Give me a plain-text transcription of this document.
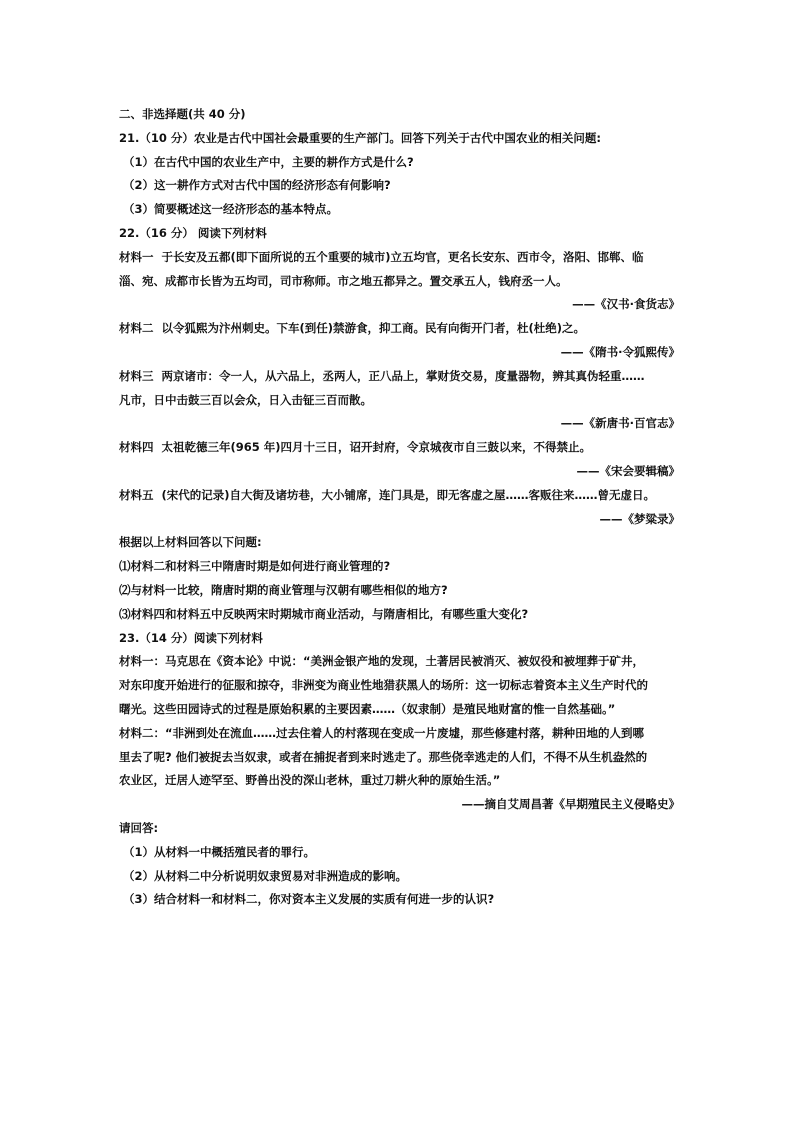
二、非选择题(共 40 分)
21.（10 分）农业是古代中国社会最重要的生产部门。回答下列关于古代中国农业的相关问题:
（1）在古代中国的农业生产中，主要的耕作方式是什么?
（2）这一耕作方式对古代中国的经济形态有何影响?
（3）简要概述这一经济形态的基本特点。
22.（16 分） 阅读下列材料
材料一 于长安及五都(即下面所说的五个重要的城市)立五均官，更名长安东、西市令，洛阳、邯郸、临
淄、宛、成都市长皆为五均司，司市称师。市之地五都异之。置交承五人，钱府丞一人。
——《汉书·食货志》
材料二 以令狐熙为汴州刺史。下车(到任)禁游食，抑工商。民有向街开门者，杜(杜绝)之。
——《隋书·令狐熙传》
材料三 两京诸市：令一人，从六品上，丞两人，正八品上，掌财货交易，度量器物，辨其真伪轻重……
凡市，日中击鼓三百以会众，日入击钲三百而散。
——《新唐书·百官志》
材料四 太祖乾德三年(965 年)四月十三日，诏开封府，令京城夜市自三鼓以来，不得禁止。
——《宋会要辑稿》
材料五 (宋代的记录)自大街及诸坊巷，大小铺席，连门具是，即无客虚之屋……客贩往来……曾无虚日。
——《梦粱录》
根据以上材料回答以下问题:
⑴材料二和材料三中隋唐时期是如何进行商业管理的?
⑵与材料一比较，隋唐时期的商业管理与汉朝有哪些相似的地方?
⑶材料四和材料五中反映两宋时期城市商业活动，与隋唐相比，有哪些重大变化?
23.（14 分）阅读下列材料
材料一：马克思在《资本论》中说：“美洲金银产地的发现，土著居民被消灭、被奴役和被埋葬于矿井，
对东印度开始进行的征服和掠夺，非洲变为商业性地猎获黑人的场所：这一切标志着资本主义生产时代的
曙光。这些田园诗式的过程是原始积累的主要因素……（奴隶制）是殖民地财富的惟一自然基础。”
材料二：“非洲到处在流血……过去住着人的村落现在变成一片废墟，那些修建村落，耕种田地的人到哪
里去了呢? 他们被捉去当奴隶，或者在捕捉者到来时逃走了。那些侥幸逃走的人们，不得不从生机盎然的
农业区，迁居人迹罕至、野兽出没的深山老林，重过刀耕火种的原始生活。”
——摘自艾周昌著《早期殖民主义侵略史》
请回答:
（1）从材料一中概括殖民者的罪行。
（2）从材料二中分析说明奴隶贸易对非洲造成的影响。
（3）结合材料一和材料二，你对资本主义发展的实质有何进一步的认识?
